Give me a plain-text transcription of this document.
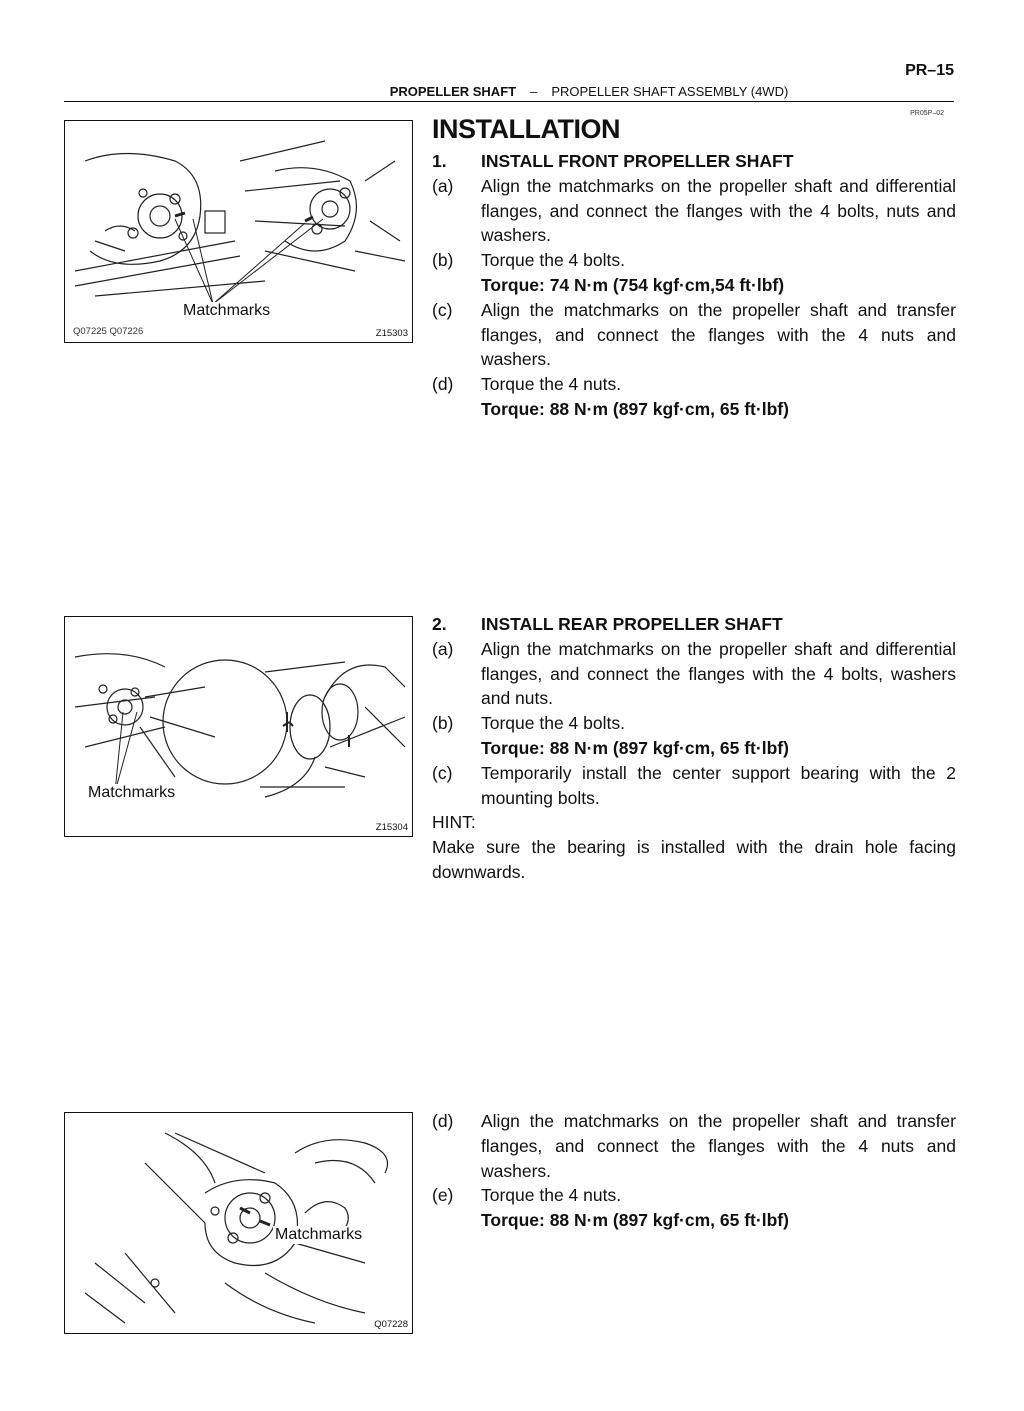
PR–15
PROPELLER SHAFT – PROPELLER SHAFT ASSEMBLY (4WD)
PR05P–02
Matchmarks
Q07225 Q07226	Z15303
INSTALLATION
1.	INSTALL FRONT PROPELLER SHAFT
(a)	Align the matchmarks on the propeller shaft and differential flanges, and connect the flanges with the 4 bolts, nuts and washers.
(b)	Torque the 4 bolts.
Torque: 74 N·m (754 kgf·cm,54 ft·lbf)
(c)	Align the matchmarks on the propeller shaft and transfer flanges, and connect the flanges with the 4 nuts and washers.
(d)	Torque the 4 nuts.
Torque: 88 N·m (897 kgf·cm, 65 ft·lbf)
Matchmarks
Z15304
2.	INSTALL REAR PROPELLER SHAFT
(a)	Align the matchmarks on the propeller shaft and differential flanges, and connect the flanges with the 4 bolts, washers and nuts.
(b)	Torque the 4 bolts.
Torque: 88 N·m (897 kgf·cm, 65 ft·lbf)
(c)	Temporarily install the center support bearing with the 2 mounting bolts.
HINT:
Make sure the bearing is installed with the drain hole facing downwards.
Matchmarks
Q07228
(d)	Align the matchmarks on the propeller shaft and transfer flanges, and connect the flanges with the 4 nuts and washers.
(e)	Torque the 4 nuts.
Torque: 88 N·m (897 kgf·cm, 65 ft·lbf)
